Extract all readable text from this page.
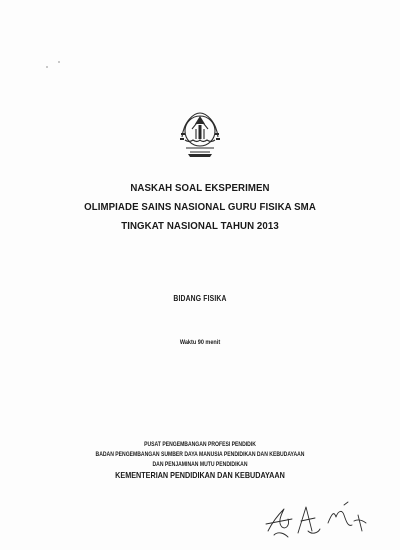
NASKAH SOAL EKSPERIMEN
OLIMPIADE SAINS NASIONAL GURU FISIKA SMA
TINGKAT NASIONAL TAHUN 2013
BIDANG FISIKA
Waktu 90 menit
PUSAT PENGEMBANGAN PROFESI PENDIDIK
BADAN PENGEMBANGAN SUMBER DAYA MANUSIA PENDIDIKAN DAN KEBUDAYAAN
DAN PENJAMINAN MUTU PENDIDIKAN
KEMENTERIAN PENDIDIKAN DAN KEBUDAYAAN
